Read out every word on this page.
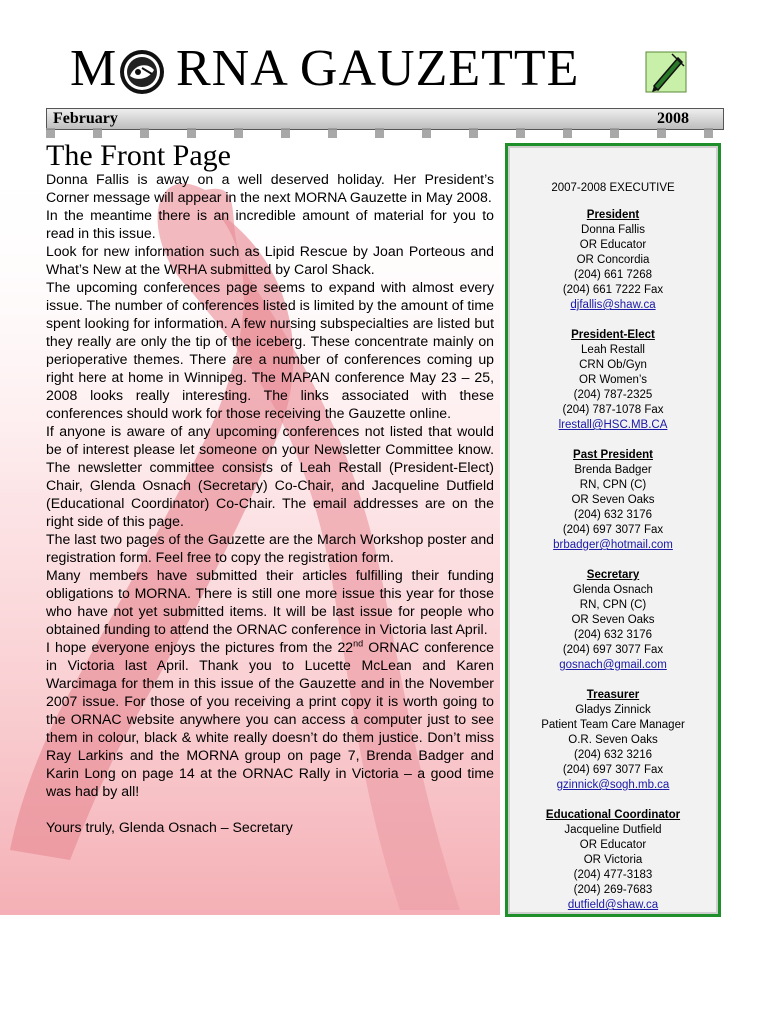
M RNA GAUZETTE
February	2008
The Front Page

Donna Fallis is away on a well deserved holiday. Her President’s Corner message will appear in the next MORNA Gauzette in May 2008.

In the meantime there is an incredible amount of material for you to read in this issue.

Look for new information such as Lipid Rescue by Joan Porteous and What’s New at the WRHA submitted by Carol Shack.

The upcoming conferences page seems to expand with almost every issue. The number of conferences listed is limited by the amount of time spent looking for information. A few nursing subspecialties are listed but they really are only the tip of the iceberg. These concentrate mainly on perioperative themes. There are a number of conferences coming up right here at home in Winnipeg. The MAPAN conference May 23 – 25, 2008 looks really interesting. The links associated with these conferences should work for those receiving the Gauzette online.

If anyone is aware of any upcoming conferences not listed that would be of interest please let someone on your Newsletter Committee know. The newsletter committee consists of Leah Restall (President-Elect) Chair, Glenda Osnach (Secretary) Co-Chair, and Jacqueline Dutfield (Educational Coordinator) Co-Chair. The email addresses are on the right side of this page.

The last two pages of the Gauzette are the March Workshop poster and registration form. Feel free to copy the registration form.

Many members have submitted their articles fulfilling their funding obligations to MORNA. There is still one more issue this year for those who have not yet submitted items. It will be last issue for people who obtained funding to attend the ORNAC conference in Victoria last April.

I hope everyone enjoys the pictures from the 22nd ORNAC conference in Victoria last April. Thank you to Lucette McLean and Karen Warcimaga for them in this issue of the Gauzette and in the November 2007 issue. For those of you receiving a print copy it is worth going to the ORNAC website anywhere you can access a computer just to see them in colour, black & white really doesn’t do them justice. Don’t miss Ray Larkins and the MORNA group on page 7, Brenda Badger and Karin Long on page 14 at the ORNAC Rally in Victoria – a good time was had by all!

Yours truly, Glenda Osnach – Secretary

2007-2008 EXECUTIVE
President
Donna Fallis
OR Educator
OR Concordia
(204) 661 7268
(204) 661 7222 Fax
djfallis@shaw.ca
President-Elect
Leah Restall
CRN Ob/Gyn
OR Women’s
(204) 787-2325
(204) 787-1078 Fax
lrestall@HSC.MB.CA
Past President
Brenda Badger
RN, CPN (C)
OR Seven Oaks
(204) 632 3176
(204) 697 3077 Fax
brbadger@hotmail.com
Secretary
Glenda Osnach
RN, CPN (C)
OR Seven Oaks
(204) 632 3176
(204) 697 3077 Fax
gosnach@gmail.com
Treasurer
Gladys Zinnick
Patient Team Care Manager
O.R. Seven Oaks
(204) 632 3216
(204) 697 3077 Fax
gzinnick@sogh.mb.ca
Educational Coordinator
Jacqueline Dutfield
OR Educator
OR Victoria
(204) 477-3183
(204) 269-7683
dutfield@shaw.ca
